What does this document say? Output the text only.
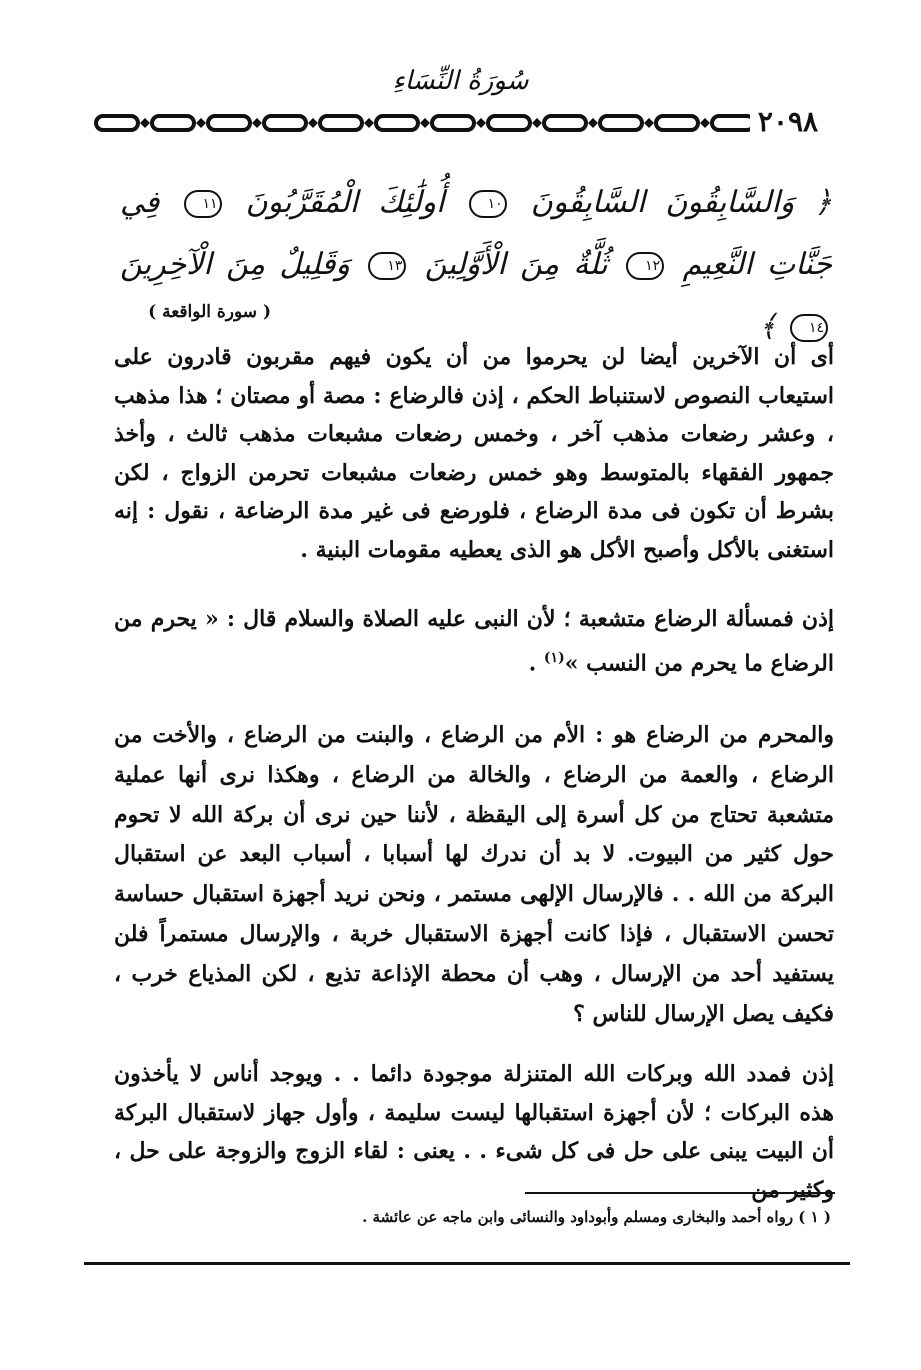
سُورَةُ النِّسَاءِ
٢٠٩٨
﴿ وَالسَّابِقُونَ السَّابِقُونَ ١٠ أُولَٰئِكَ الْمُقَرَّبُونَ ١١ فِي جَنَّاتِ النَّعِيمِ ١٢ ثُلَّةٌ مِنَ الْأَوَّلِينَ ١٣ وَقَلِيلٌ مِنَ الْآخِرِينَ ١٤ ﴾
( سورة الواقعة )

أى أن الآخرين أيضا لن يحرموا من أن يكون فيهم مقربون قادرون على استيعاب النصوص لاستنباط الحكم ، إذن فالرضاع : مصة أو مصتان ؛ هذا مذهب ، وعشر رضعات مذهب آخر ، وخمس رضعات مشبعات مذهب ثالث ، وأخذ جمهور الفقهاء بالمتوسط وهو خمس رضعات مشبعات تحرمن الزواج ، لكن بشرط أن تكون فى مدة الرضاع ، فلورضع فى غير مدة الرضاعة ، نقول : إنه استغنى بالأكل وأصبح الأكل هو الذى يعطيه مقومات البنية .

إذن فمسألة الرضاع متشعبة ؛ لأن النبى عليه الصلاة والسلام قال : « يحرم من الرضاع ما يحرم من النسب »$^{(١)}$ .

والمحرم من الرضاع هو : الأم من الرضاع ، والبنت من الرضاع ، والأخت من الرضاع ، والعمة من الرضاع ، والخالة من الرضاع ، وهكذا نرى أنها عملية متشعبة تحتاج من كل أسرة إلى اليقظة ، لأننا حين نرى أن بركة الله لا تحوم حول كثير من البيوت. لا بد أن ندرك لها أسبابا ، أسباب البعد عن استقبال البركة من الله . . فالإرسال الإلهى مستمر ، ونحن نريد أجهزة استقبال حساسة تحسن الاستقبال ، فإذا كانت أجهزة الاستقبال خربة ، والإرسال مستمراً فلن يستفيد أحد من الإرسال ، وهب أن محطة الإذاعة تذيع ، لكن المذياع خرب ، فكيف يصل الإرسال للناس ؟

إذن فمدد الله وبركات الله المتنزلة موجودة دائما . . ويوجد أناس لا يأخذون هذه البركات ؛ لأن أجهزة استقبالها ليست سليمة ، وأول جهاز لاستقبال البركة أن البيت يبنى على حل فى كل شىء . . يعنى : لقاء الزوج والزوجة على حل ، وكثير من

( ١ ) رواه أحمد والبخارى ومسلم وأبوداود والنسائى وابن ماجه عن عائشة .
